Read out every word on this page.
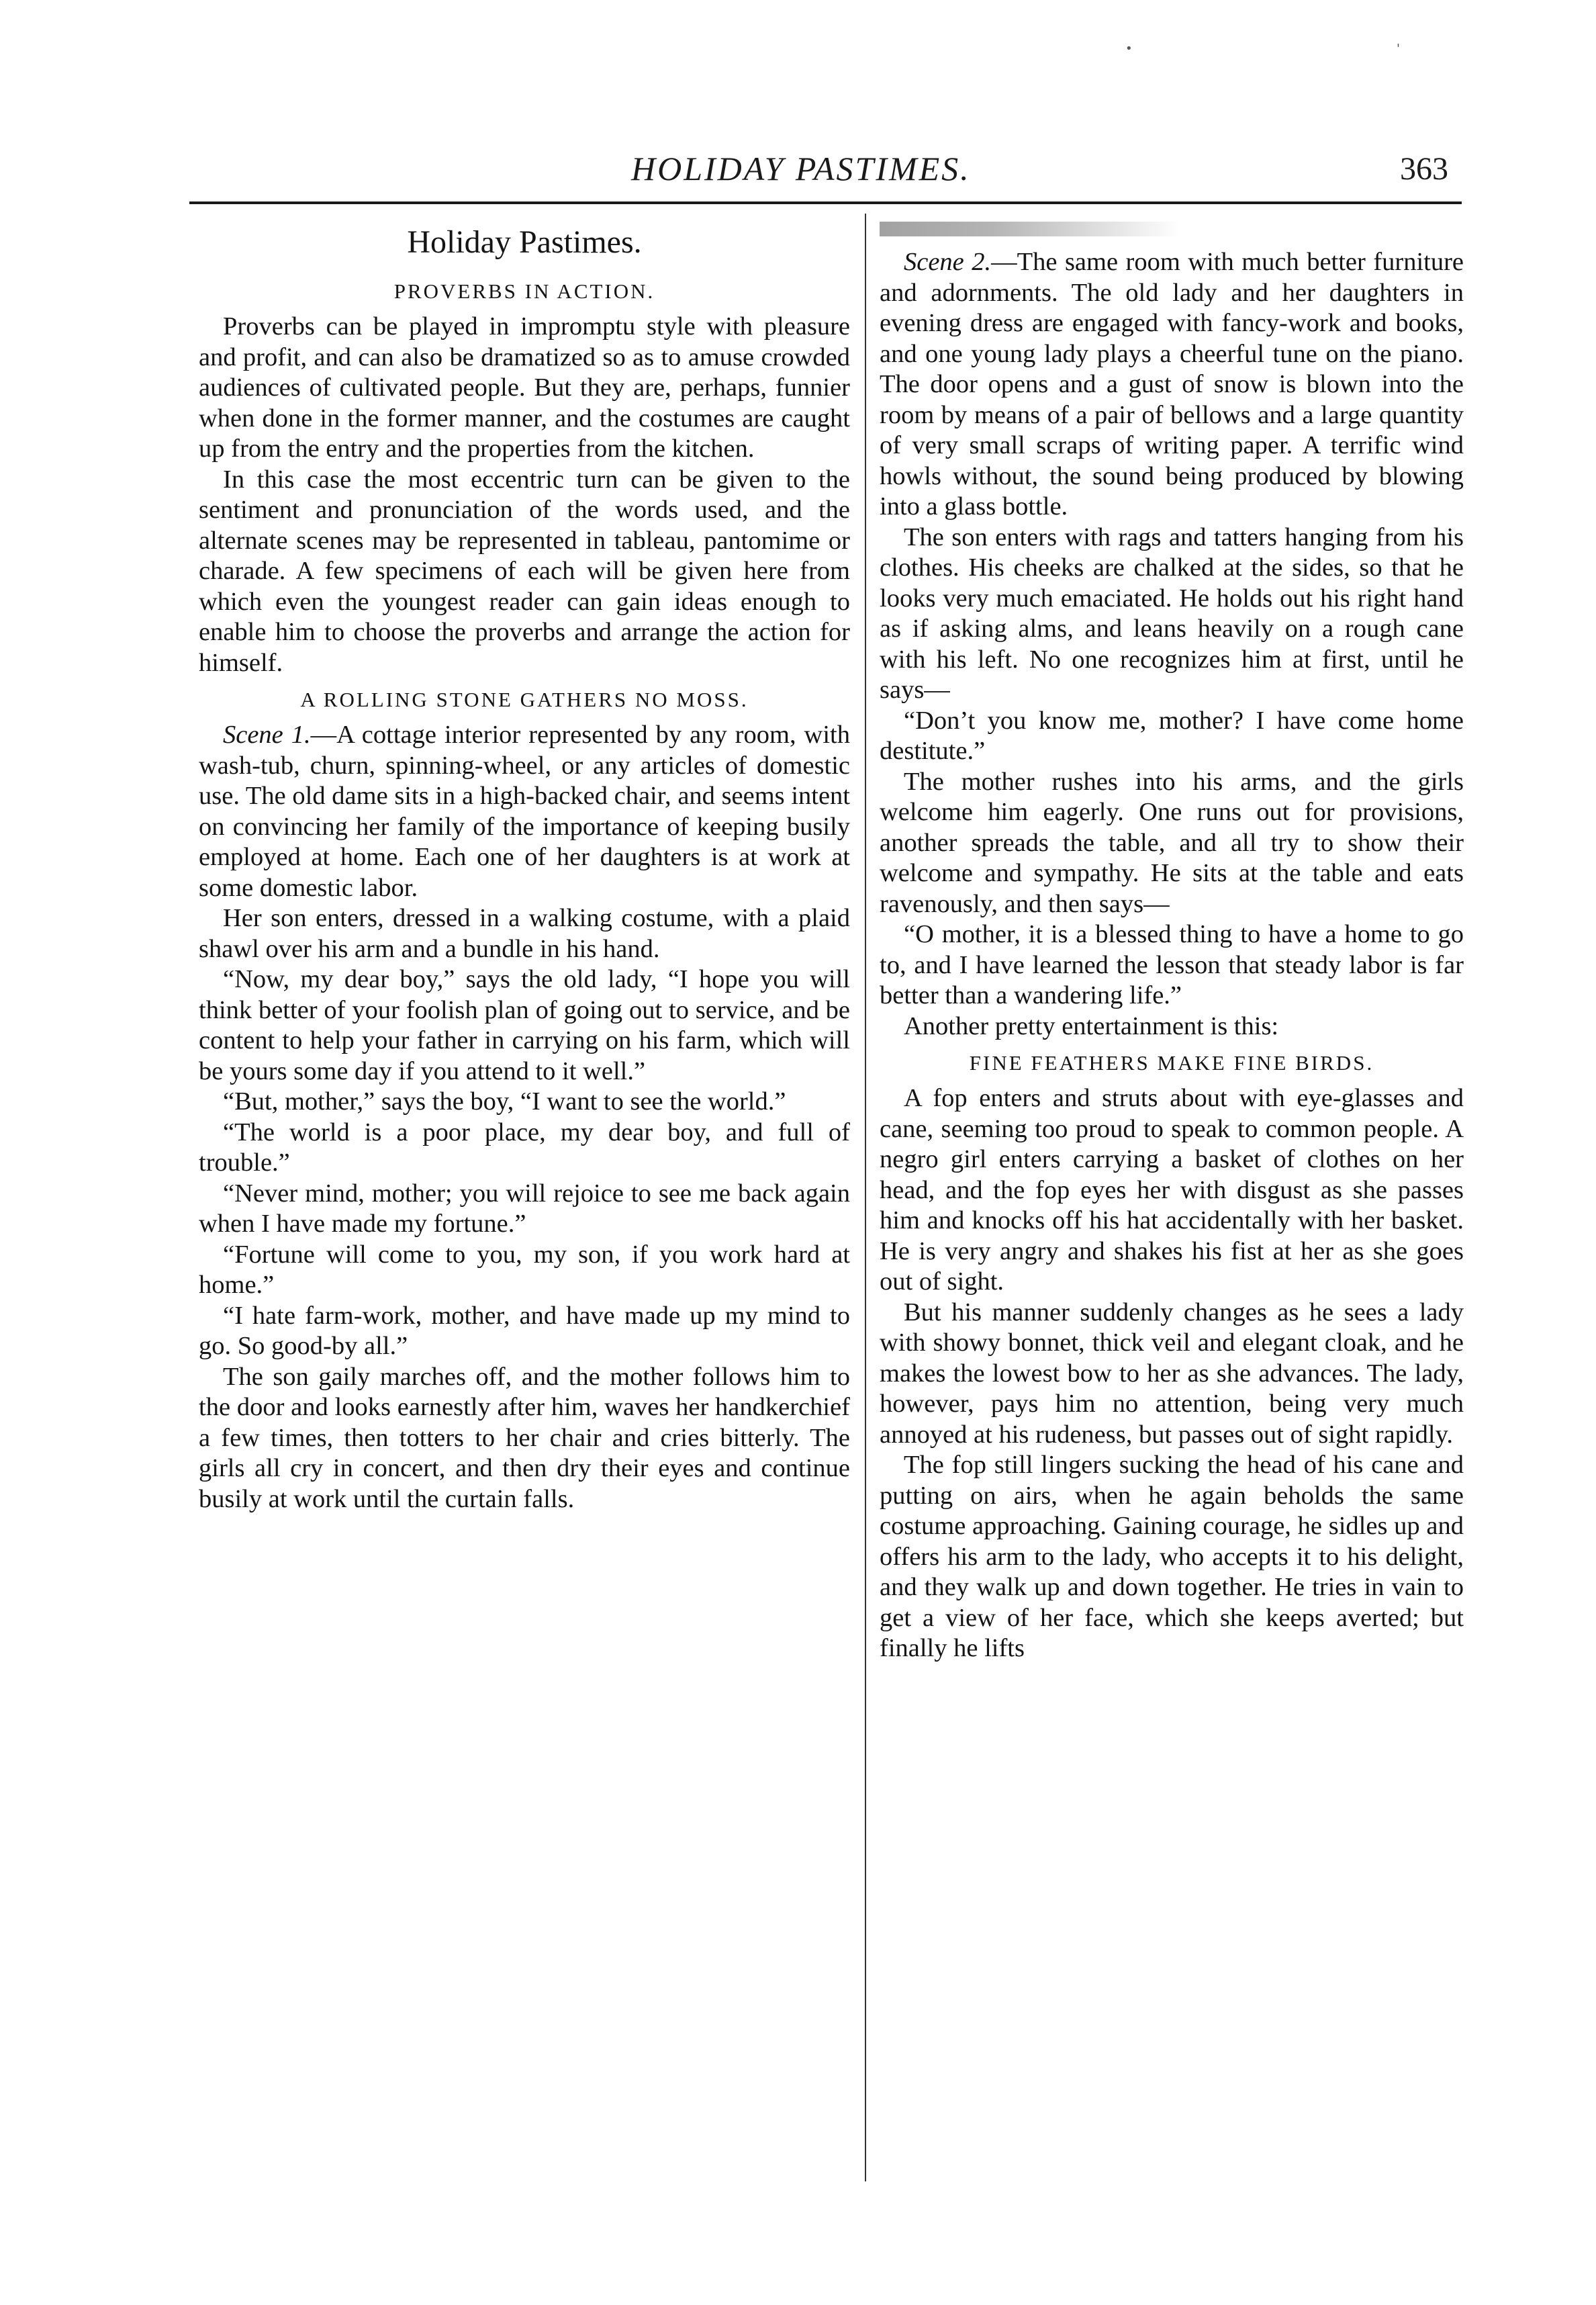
•	'
HOLIDAY PASTIMES.	363
Holiday Pastimes.
PROVERBS IN ACTION.

Proverbs can be played in impromptu style with pleasure and profit, and can also be dramatized so as to amuse crowded audiences of cultivated people. But they are, perhaps, funnier when done in the former manner, and the costumes are caught up from the entry and the properties from the kitchen.

In this case the most eccentric turn can be given to the sentiment and pronunciation of the words used, and the alternate scenes may be represented in tableau, pantomime or charade. A few specimens of each will be given here from which even the youngest reader can gain ideas enough to enable him to choose the proverbs and arrange the action for himself.

A ROLLING STONE GATHERS NO MOSS.

Scene 1.—A cottage interior represented by any room, with wash-tub, churn, spinning-wheel, or any articles of domestic use. The old dame sits in a high-backed chair, and seems intent on convincing her family of the importance of keeping busily employed at home. Each one of her daughters is at work at some domestic labor.

Her son enters, dressed in a walking costume, with a plaid shawl over his arm and a bundle in his hand.

“Now, my dear boy,” says the old lady, “I hope you will think better of your foolish plan of going out to service, and be content to help your father in carrying on his farm, which will be yours some day if you attend to it well.”

“But, mother,” says the boy, “I want to see the world.”

“The world is a poor place, my dear boy, and full of trouble.”

“Never mind, mother; you will rejoice to see me back again when I have made my fortune.”

“Fortune will come to you, my son, if you work hard at home.”

“I hate farm-work, mother, and have made up my mind to go. So good-by all.”

The son gaily marches off, and the mother follows him to the door and looks earnestly after him, waves her handkerchief a few times, then totters to her chair and cries bitterly. The girls all cry in concert, and then dry their eyes and continue busily at work until the curtain falls.

Scene 2.—The same room with much better furniture and adornments. The old lady and her daughters in evening dress are engaged with fancy-work and books, and one young lady plays a cheerful tune on the piano. The door opens and a gust of snow is blown into the room by means of a pair of bellows and a large quantity of very small scraps of writing paper. A terrific wind howls without, the sound being produced by blowing into a glass bottle.

The son enters with rags and tatters hanging from his clothes. His cheeks are chalked at the sides, so that he looks very much emaciated. He holds out his right hand as if asking alms, and leans heavily on a rough cane with his left. No one recognizes him at first, until he says—

“Don’t you know me, mother? I have come home destitute.”

The mother rushes into his arms, and the girls welcome him eagerly. One runs out for provisions, another spreads the table, and all try to show their welcome and sympathy. He sits at the table and eats ravenously, and then says—

“O mother, it is a blessed thing to have a home to go to, and I have learned the lesson that steady labor is far better than a wandering life.”

Another pretty entertainment is this:

FINE FEATHERS MAKE FINE BIRDS.

A fop enters and struts about with eye-glasses and cane, seeming too proud to speak to common people. A negro girl enters carrying a basket of clothes on her head, and the fop eyes her with disgust as she passes him and knocks off his hat accidentally with her basket. He is very angry and shakes his fist at her as she goes out of sight.

But his manner suddenly changes as he sees a lady with showy bonnet, thick veil and elegant cloak, and he makes the lowest bow to her as she advances. The lady, however, pays him no attention, being very much annoyed at his rudeness, but passes out of sight rapidly.

The fop still lingers sucking the head of his cane and putting on airs, when he again beholds the same costume approaching. Gaining courage, he sidles up and offers his arm to the lady, who accepts it to his delight, and they walk up and down together. He tries in vain to get a view of her face, which she keeps averted; but finally he lifts
